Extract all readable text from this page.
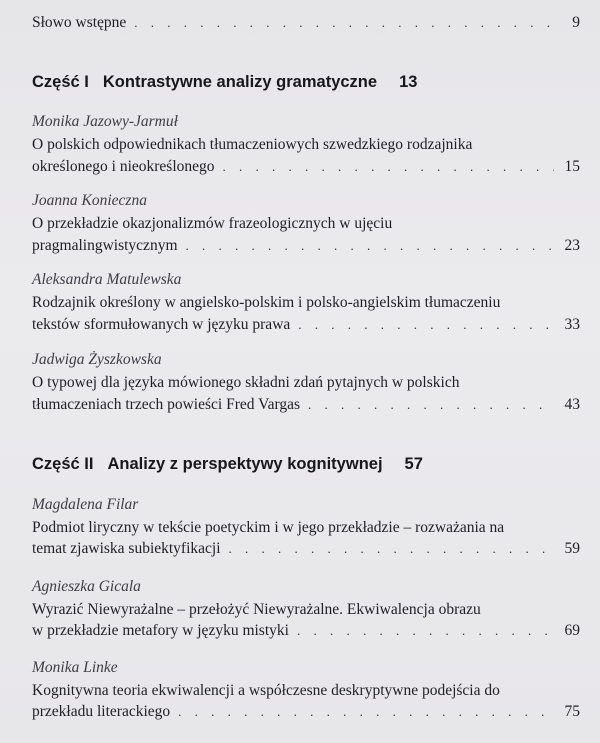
Słowo wstępne . . .	9
Część I Kontrastywne analizy gramatyczne 13
Monika Jazowy-Jarmuł
O polskich odpowiednikach tłumaczeniowych szwedzkiego rodzajnika
określonego i nieokreślonego . . .	15
Joanna Konieczna
O przekładzie okazjonalizmów frazeologicznych w ujęciu
pragmalingwistycznym . . .	23
Aleksandra Matulewska
Rodzajnik określony w angielsko-polskim i polsko-angielskim tłumaczeniu
tekstów sformułowanych w języku prawa . . .	33
Jadwiga Żyszkowska
O typowej dla języka mówionego składni zdań pytajnych w polskich
tłumaczeniach trzech powieści Fred Vargas . . .	43
Część II Analizy z perspektywy kognitywnej 57
Magdalena Filar
Podmiot liryczny w tekście poetyckim i w jego przekładzie – rozważania na
temat zjawiska subiektyfikacji . . .	59
Agnieszka Gicala
Wyrazić Niewyrażalne – przełożyć Niewyrażalne. Ekwiwalencja obrazu
w przekładzie metafory w języku mistyki . . .	69
Monika Linke
Kognitywna teoria ekwiwalencji a współczesne deskryptywne podejścia do
przekładu literackiego . . .	75
